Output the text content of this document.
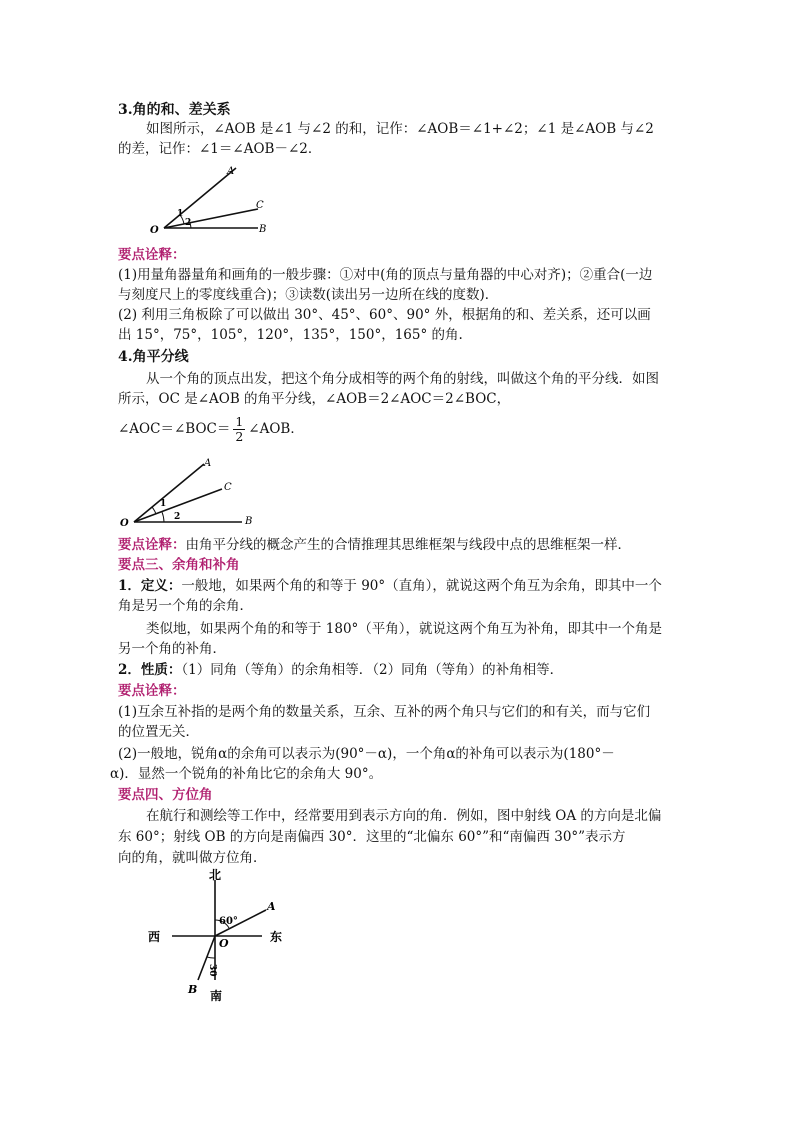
3.角的和、差关系
如图所示，∠AOB 是∠1 与∠2 的和，记作：∠AOB＝∠1+∠2；∠1 是∠AOB 与∠2
的差，记作：∠1＝∠AOB－∠2．
A
C
O	B
2
1
要点诠释：
(1)用量角器量角和画角的一般步骤：①对中(角的顶点与量角器的中心对齐)；②重合(一边
与刻度尺上的零度线重合)；③读数(读出另一边所在线的度数)．
(2) 利用三角板除了可以做出 30°、45°、60°、90° 外，根据角的和、差关系，还可以画
出 15°，75°，105°，120°，135°，150°，165° 的角.
4.角平分线
从一个角的顶点出发，把这个角分成相等的两个角的射线，叫做这个角的平分线．如图
所示，OC 是∠AOB 的角平分线，∠AOB＝2∠AOC＝2∠BOC，
∠AOC＝∠BOC＝ $\frac{1}{2}$ ∠AOB．
A
C
O	B
1
2
要点诠释：由角平分线的概念产生的合情推理其思维框架与线段中点的思维框架一样．
要点三、余角和补角
1．定义：一般地，如果两个角的和等于 90°（直角），就说这两个角互为余角，即其中一个
角是另一个角的余角．
类似地，如果两个角的和等于 180°（平角），就说这两个角互为补角，即其中一个角是
另一个角的补角．
2．性质：（1）同角（等角）的余角相等．（2）同角（等角）的补角相等．
要点诠释：
(1)互余互补指的是两个角的数量关系，互余、互补的两个角只与它们的和有关，而与它们
的位置无关．
(2)一般地，锐角α的余角可以表示为(90°－α)，一个角α的补角可以表示为(180°－
α)．显然一个锐角的补角比它的余角大 90°。
要点四、方位角
在航行和测绘等工作中，经常要用到表示方向的角．例如，图中射线 OA 的方向是北偏
东 60°；射线 OB 的方向是南偏西 30°．这里的“北偏东 60°”和“南偏西 30°”表示方
向的角，就叫做方位角．
北
南
西	东
O
A
B
60°
30
